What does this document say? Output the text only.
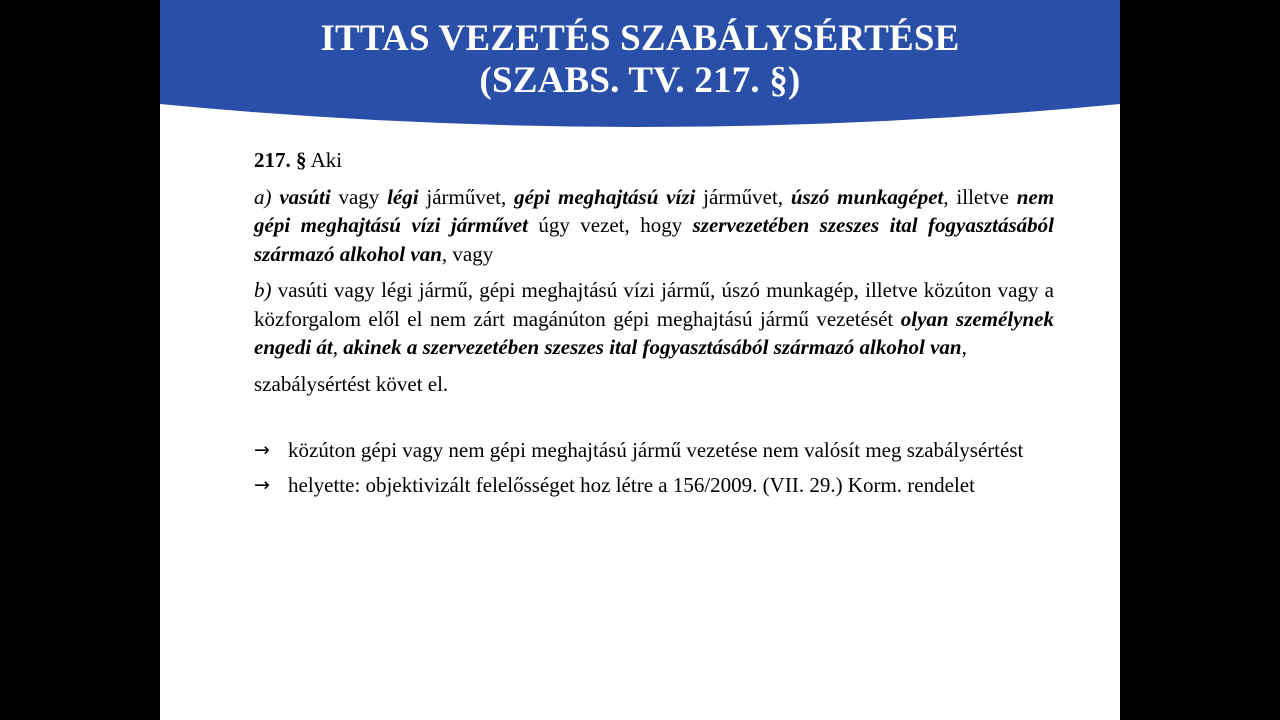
ITTAS VEZETÉS SZABÁLYSÉRTÉSE
(SZABS. TV. 217. §)

217. § Aki

a) vasúti vagy légi járművet, gépi meghajtású vízi járművet, úszó munkagépet, illetve nem gépi meghajtású vízi járművet úgy vezet, hogy szervezetében szeszes ital fogyasztásából származó alkohol van, vagy

b) vasúti vagy légi jármű, gépi meghajtású vízi jármű, úszó munkagép, illetve közúton vagy a közforgalom elől el nem zárt magánúton gépi meghajtású jármű vezetését olyan személynek engedi át, akinek a szervezetében szeszes ital fogyasztásából származó alkohol van,

szabálysértést követ el.

→ közúton gépi vagy nem gépi meghajtású jármű vezetése nem valósít meg szabálysértést
→ helyette: objektivizált felelősséget hoz létre a 156/2009. (VII. 29.) Korm. rendelet
